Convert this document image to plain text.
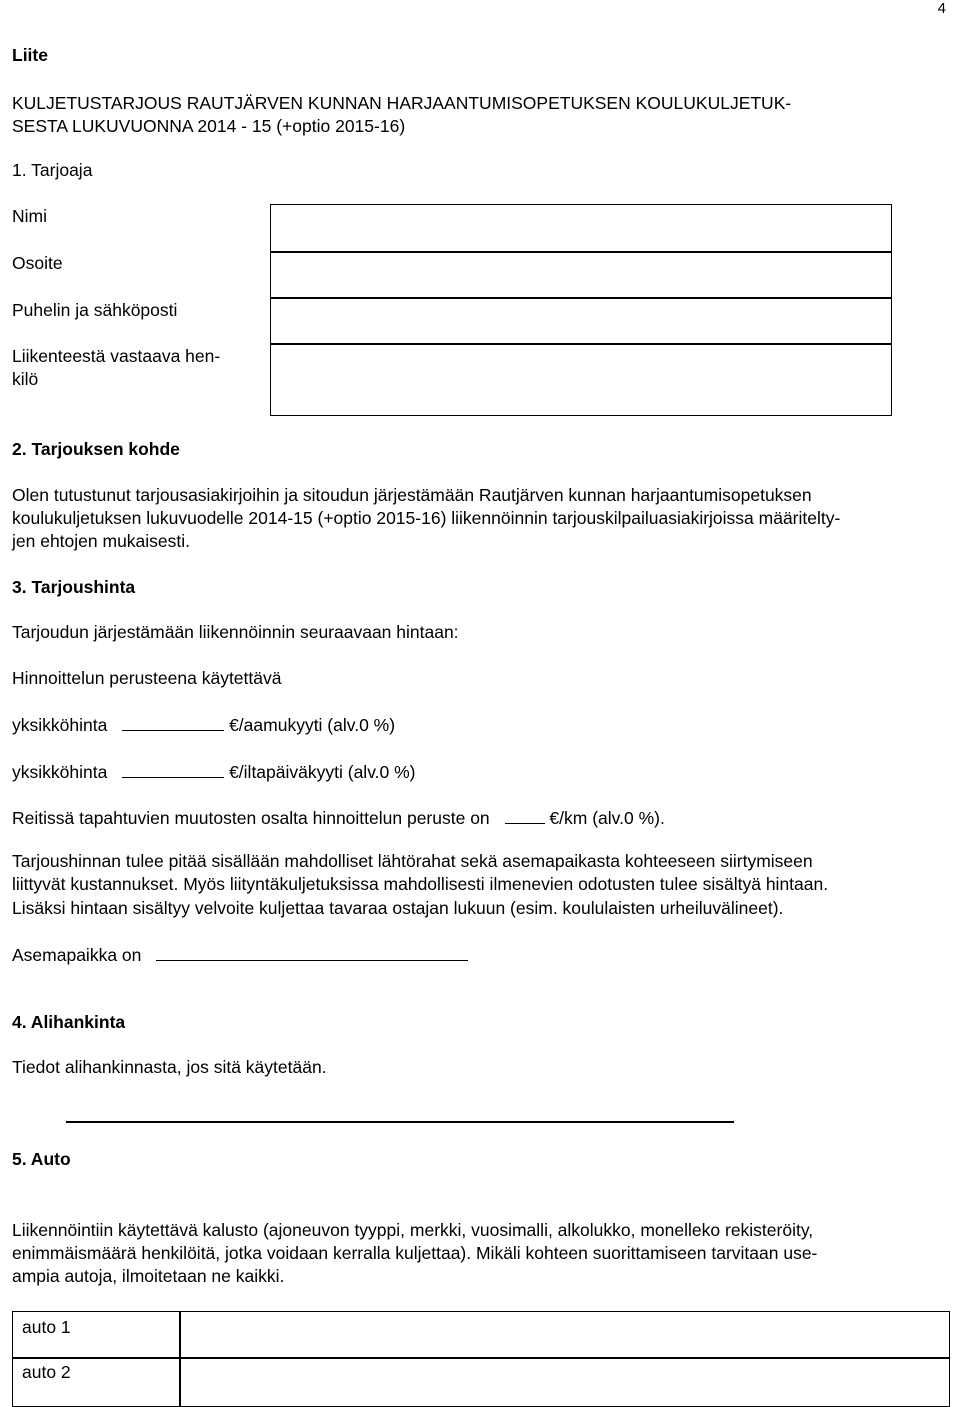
4
Liite
KULJETUSTARJOUS RAUTJÄRVEN KUNNAN HARJAANTUMISOPETUKSEN KOULUKULJETUK-
SESTA LUKUVUONNA 2014 - 15 (+optio 2015-16)
1. Tarjoaja
Nimi
Osoite
Puhelin ja sähköposti
Liikenteestä vastaava hen-
kilö
2. Tarjouksen kohde
Olen tutustunut tarjousasiakirjoihin ja sitoudun järjestämään Rautjärven kunnan harjaantumisopetuksen
koulukuljetuksen lukuvuodelle 2014-15 (+optio 2015-16) liikennöinnin tarjouskilpailuasiakirjoissa määritelty-
jen ehtojen mukaisesti.
3. Tarjoushinta
Tarjoudun järjestämään liikennöinnin seuraavaan hintaan:
Hinnoittelun perusteena käytettävä
yksikköhinta	€/aamukyyti (alv.0 %)
yksikköhinta	€/iltapäiväkyyti (alv.0 %)
Reitissä tapahtuvien muutosten osalta hinnoittelun peruste on	€/km (alv.0 %).
Tarjoushinnan tulee pitää sisällään mahdolliset lähtörahat sekä asemapaikasta kohteeseen siirtymiseen
liittyvät kustannukset. Myös liityntäkuljetuksissa mahdollisesti ilmenevien odotusten tulee sisältyä hintaan.
Lisäksi hintaan sisältyy velvoite kuljettaa tavaraa ostajan lukuun (esim. koululaisten urheiluvälineet).
Asemapaikka on
4. Alihankinta
Tiedot alihankinnasta, jos sitä käytetään.
5. Auto
Liikennöintiin käytettävä kalusto (ajoneuvon tyyppi, merkki, vuosimalli, alkolukko, monelleko rekisteröity,
enimmäismäärä henkilöitä, jotka voidaan kerralla kuljettaa). Mikäli kohteen suorittamiseen tarvitaan use-
ampia autoja, ilmoitetaan ne kaikki.
auto 1
auto 2
